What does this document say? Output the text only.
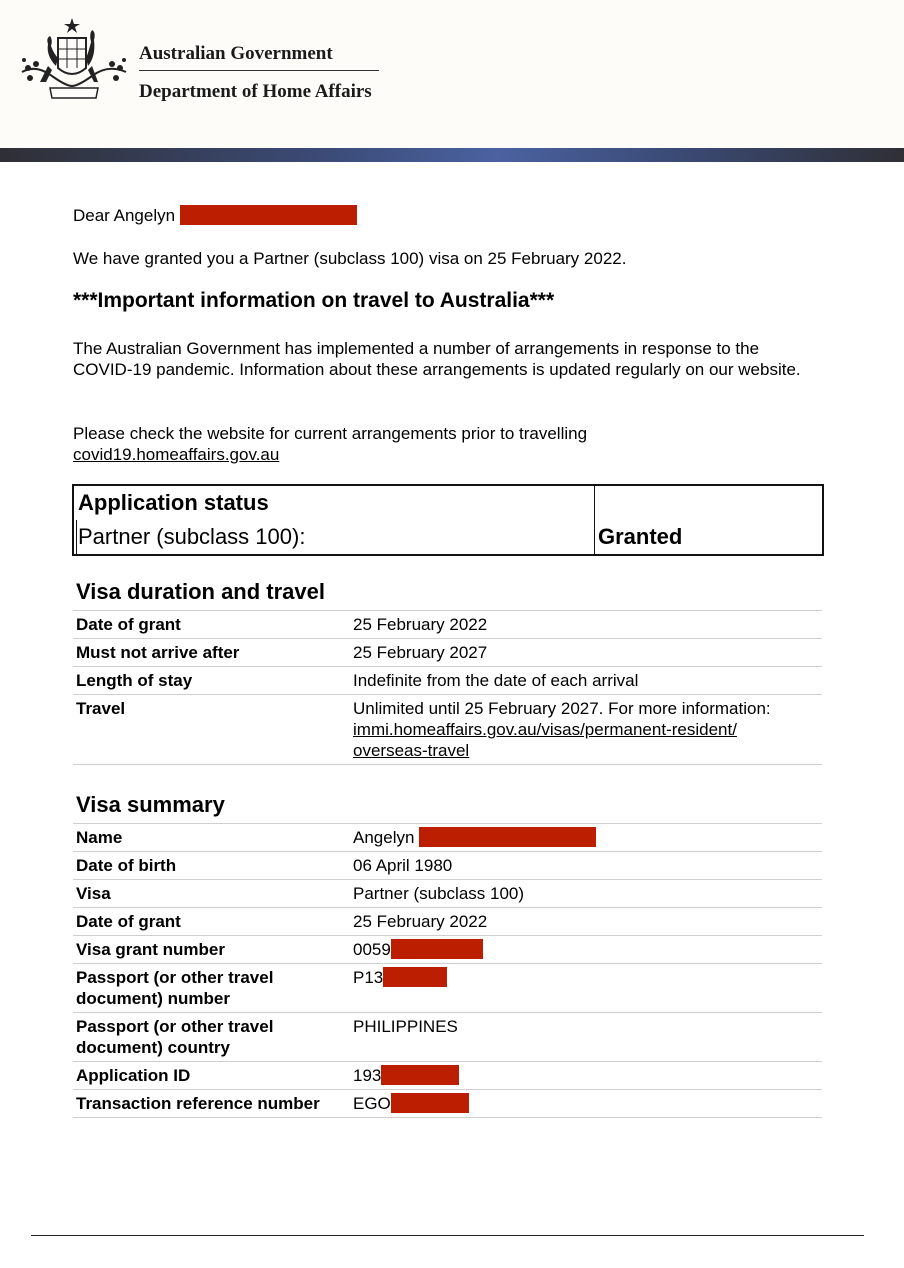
Australian Government
Department of Home Affairs

Dear Angelyn

We have granted you a Partner (subclass 100) visa on 25 February 2022.

***Important information on travel to Australia***

The Australian Government has implemented a number of arrangements in response to the COVID-19 pandemic. Information about these arrangements is updated regularly on our website.

Please check the website for current arrangements prior to travelling
covid19.homeaffairs.gov.au

Application status
Partner (subclass 100):	Granted
Visa duration and travel
Date of grant	25 February 2022
Must not arrive after	25 February 2027
Length of stay	Indefinite from the date of each arrival
Travel	Unlimited until 25 February 2027. For more information:
immi.homeaffairs.gov.au/visas/permanent-resident/
overseas-travel
Visa summary
Name	Angelyn
Date of birth	06 April 1980
Visa	Partner (subclass 100)
Date of grant	25 February 2022
Visa grant number	0059
Passport (or other travel document) number	P13
Passport (or other travel document) country	PHILIPPINES
Application ID	193
Transaction reference number	EGO
